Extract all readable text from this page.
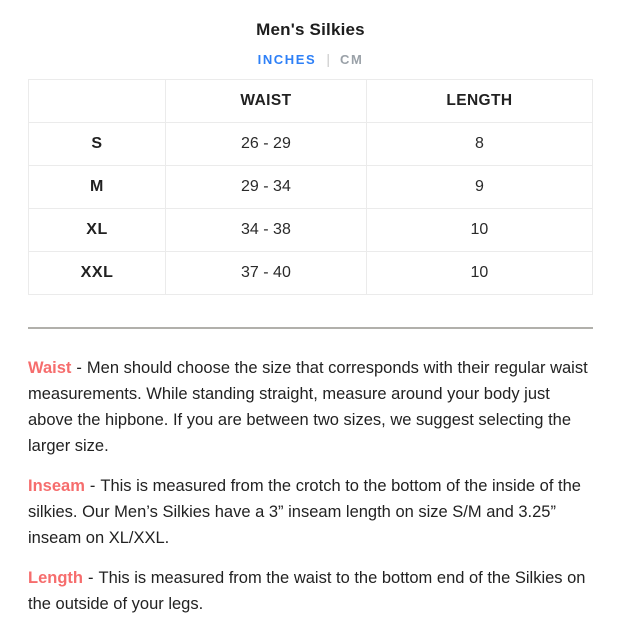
Men's Silkies
INCHES | CM
	WAIST	LENGTH
S	26 - 29	8
M	29 - 34	9
XL	34 - 38	10
XXL	37 - 40	10

Waist - Men should choose the size that corresponds with their regular waist measurements. While standing straight, measure around your body just above the hipbone. If you are between two sizes, we suggest selecting the larger size.

Inseam - This is measured from the crotch to the bottom of the inside of the silkies. Our Men’s Silkies have a 3” inseam length on size S/M and 3.25” inseam on XL/XXL.

Length - This is measured from the waist to the bottom end of the Silkies on the outside of your legs.
